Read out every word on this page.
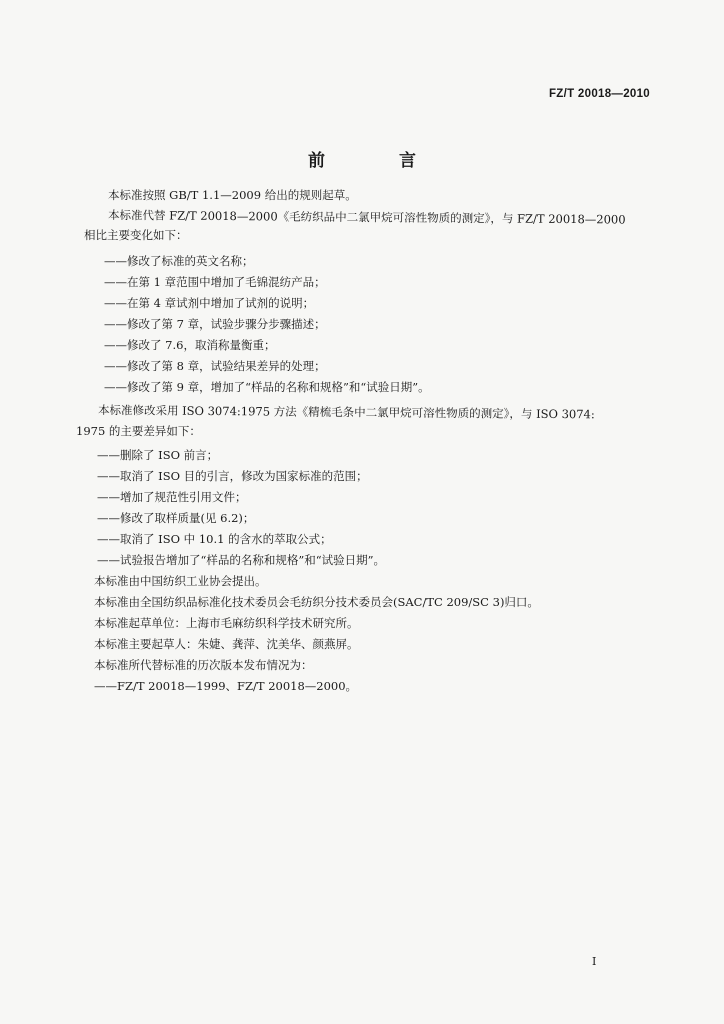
FZ/T 20018—2010
前 言
本标准按照 GB/T 1.1—2009 给出的规则起草。
本标准代替 FZ/T 20018—2000《毛纺织品中二氯甲烷可溶性物质的测定》，与 FZ/T 20018—2000
相比主要变化如下：
——修改了标准的英文名称；
——在第 1 章范围中增加了毛锦混纺产品；
——在第 4 章试剂中增加了试剂的说明；
——修改了第 7 章，试验步骤分步骤描述；
——修改了 7.6，取消称量衡重；
——修改了第 8 章，试验结果差异的处理；
——修改了第 9 章，增加了“样品的名称和规格”和“试验日期”。
本标准修改采用 ISO 3074:1975 方法《精梳毛条中二氯甲烷可溶性物质的测定》，与 ISO 3074:
1975 的主要差异如下：
——删除了 ISO 前言；
——取消了 ISO 目的引言，修改为国家标准的范围；
——增加了规范性引用文件；
——修改了取样质量(见 6.2)；
——取消了 ISO 中 10.1 的含水的萃取公式；
——试验报告增加了“样品的名称和规格”和“试验日期”。
本标准由中国纺织工业协会提出。
本标准由全国纺织品标准化技术委员会毛纺织分技术委员会(SAC/TC 209/SC 3)归口。
本标准起草单位：上海市毛麻纺织科学技术研究所。
本标准主要起草人：朱婕、龚萍、沈美华、颜燕屏。
本标准所代替标准的历次版本发布情况为：
——FZ/T 20018—1999、FZ/T 20018—2000。
I
